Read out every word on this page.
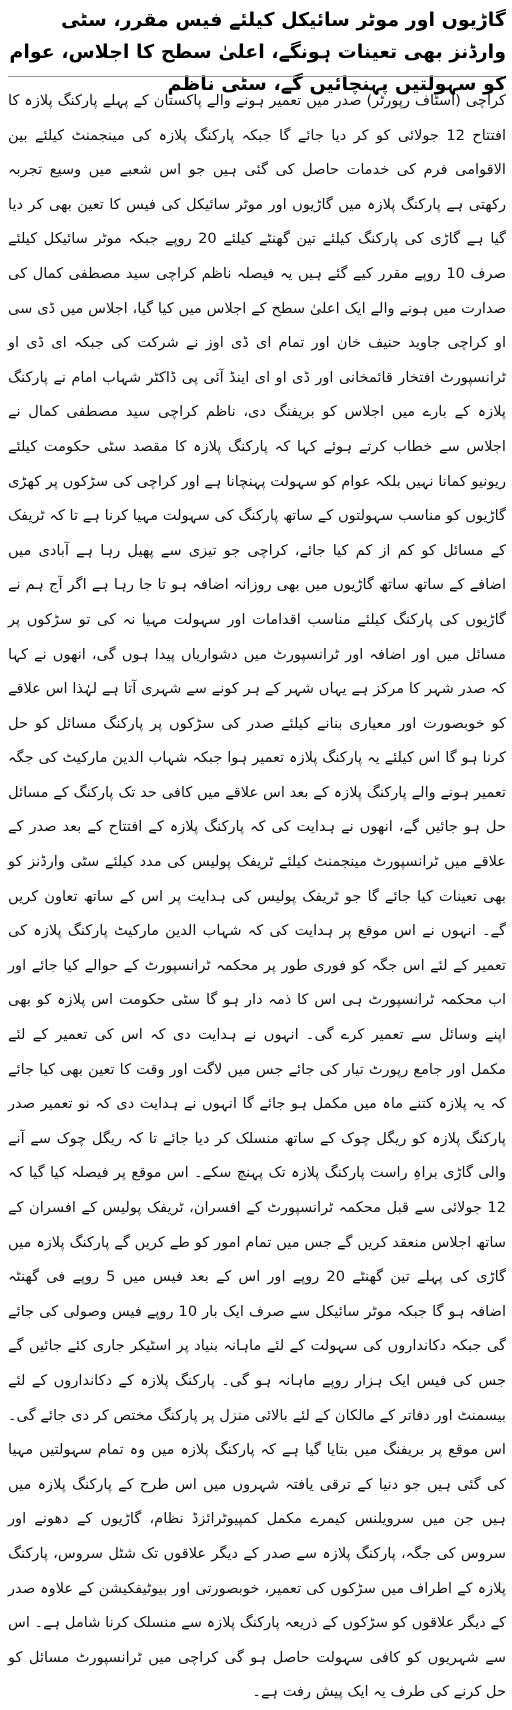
گاڑیوں اور موٹر سائیکل کیلئے فیس مقرر، سٹی وارڈنز بھی تعینات ہونگے، اعلیٰ سطح کا اجلاس، عوام کو سہولتیں پہنچائیں گے، سٹی ناظم

کراچی (اسٹاف رپورٹر) صدر میں تعمیر ہونے والے پاکستان کے پہلے پارکنگ پلازہ کا افتتاح 12 جولائی کو کر دیا جائے گا جبکہ پارکنگ پلازہ کی مینجمنٹ کیلئے بین الاقوامی فرم کی خدمات حاصل کی گئی ہیں جو اس شعبے میں وسیع تجربہ رکھتی ہے پارکنگ پلازہ میں گاڑیوں اور موٹر سائیکل کی فیس کا تعین بھی کر دیا گیا ہے گاڑی کی پارکنگ کیلئے تین گھنٹے کیلئے 20 روپے جبکہ موٹر سائیکل کیلئے صرف 10 روپے مقرر کیے گئے ہیں یہ فیصلہ ناظم کراچی سید مصطفی کمال کی صدارت میں ہونے والے ایک اعلیٰ سطح کے اجلاس میں کیا گیا، اجلاس میں ڈی سی او کراچی جاوید حنیف خان اور تمام ای ڈی اوز نے شرکت کی جبکہ ای ڈی او ٹرانسپورٹ افتخار قائمخانی اور ڈی او ای اینڈ آئی پی ڈاکٹر شہاب امام نے پارکنگ پلازہ کے بارے میں اجلاس کو بریفنگ دی، ناظم کراچی سید مصطفی کمال نے اجلاس سے خطاب کرتے ہوئے کہا کہ پارکنگ پلازہ کا مقصد سٹی حکومت کیلئے ریونیو کمانا نہیں بلکہ عوام کو سہولت پہنچانا ہے اور کراچی کی سڑکوں پر کھڑی گاڑیوں کو مناسب سہولتوں کے ساتھ پارکنگ کی سہولت مہیا کرنا ہے تا کہ ٹریفک کے مسائل کو کم از کم کیا جائے، کراچی جو تیزی سے پھیل رہا ہے آبادی میں اضافے کے ساتھ ساتھ گاڑیوں میں بھی روزانہ اضافہ ہو تا جا رہا ہے اگر آج ہم نے گاڑیوں کی پارکنگ کیلئے مناسب اقدامات اور سہولت مہیا نہ کی تو سڑکوں پر مسائل میں اور اضافہ اور ٹرانسپورٹ میں دشواریاں پیدا ہوں گی، انھوں نے کہا کہ صدر شہر کا مرکز ہے یہاں شہر کے ہر کونے سے شہری آتا ہے لہٰذا اس علاقے کو خوبصورت اور معیاری بنانے کیلئے صدر کی سڑکوں پر پارکنگ مسائل کو حل کرنا ہو گا اس کیلئے یہ پارکنگ پلازہ تعمیر ہوا جبکہ شہاب الدین مارکیٹ کی جگہ تعمیر ہونے والے پارکنگ پلازہ کے بعد اس علاقے میں کافی حد تک پارکنگ کے مسائل حل ہو جائیں گے، انھوں نے ہدایت کی کہ پارکنگ پلازہ کے افتتاح کے بعد صدر کے علاقے میں ٹرانسپورٹ مینجمنٹ کیلئے ٹریفک پولیس کی مدد کیلئے سٹی وارڈنز کو بھی تعینات کیا جائے گا جو ٹریفک پولیس کی ہدایت پر اس کے ساتھ تعاون کریں گے۔ انہوں نے اس موقع پر ہدایت کی کہ شہاب الدین مارکیٹ پارکنگ پلازہ کی تعمیر کے لئے اس جگہ کو فوری طور پر محکمہ ٹرانسپورٹ کے حوالے کیا جائے اور اب محکمہ ٹرانسپورٹ ہی اس کا ذمہ دار ہو گا سٹی حکومت اس پلازہ کو بھی اپنے وسائل سے تعمیر کرے گی۔ انہوں نے ہدایت دی کہ اس کی تعمیر کے لئے مکمل اور جامع رپورٹ تیار کی جائے جس میں لاگت اور وقت کا تعین بھی کیا جائے کہ یہ پلازہ کتنے ماہ میں مکمل ہو جائے گا انہوں نے ہدایت دی کہ نو تعمیر صدر پارکنگ پلازہ کو ریگل چوک کے ساتھ منسلک کر دیا جائے تا کہ ریگل چوک سے آنے والی گاڑی براہِ راست پارکنگ پلازہ تک پہنچ سکے۔ اس موقع پر فیصلہ کیا گیا کہ 12 جولائی سے قبل محکمہ ٹرانسپورٹ کے افسران، ٹریفک پولیس کے افسران کے ساتھ اجلاس منعقد کریں گے جس میں تمام امور کو طے کریں گے پارکنگ پلازہ میں گاڑی کی پہلے تین گھنٹے 20 روپے اور اس کے بعد فیس میں 5 روپے فی گھنٹہ اضافہ ہو گا جبکہ موٹر سائیکل سے صرف ایک بار 10 روپے فیس وصولی کی جائے گی جبکہ دکانداروں کی سہولت کے لئے ماہانہ بنیاد پر اسٹیکر جاری کئے جائیں گے جس کی فیس ایک ہزار روپے ماہانہ ہو گی۔ پارکنگ پلازہ کے دکانداروں کے لئے بیسمنٹ اور دفاتر کے مالکان کے لئے بالائی منزل پر پارکنگ مختص کر دی جائے گی۔ اس موقع پر بریفنگ میں بتایا گیا ہے کہ پارکنگ پلازہ میں وہ تمام سہولتیں مہیا کی گئی ہیں جو دنیا کے ترقی یافتہ شہروں میں اس طرح کے پارکنگ پلازہ میں ہیں جن میں سرویلنس کیمرے مکمل کمپیوٹرائزڈ نظام، گاڑیوں کے دھونے اور سروس کی جگہ، پارکنگ پلازہ سے صدر کے دیگر علاقوں تک شٹل سروس، پارکنگ پلازہ کے اطراف میں سڑکوں کی تعمیر، خوبصورتی اور بیوٹیفکیشن کے علاوہ صدر کے دیگر علاقوں کو سڑکوں کے ذریعہ پارکنگ پلازہ سے منسلک کرنا شامل ہے۔ اس سے شہریوں کو کافی سہولت حاصل ہو گی کراچی میں ٹرانسپورٹ مسائل کو حل کرنے کی طرف یہ ایک پیش رفت ہے۔
